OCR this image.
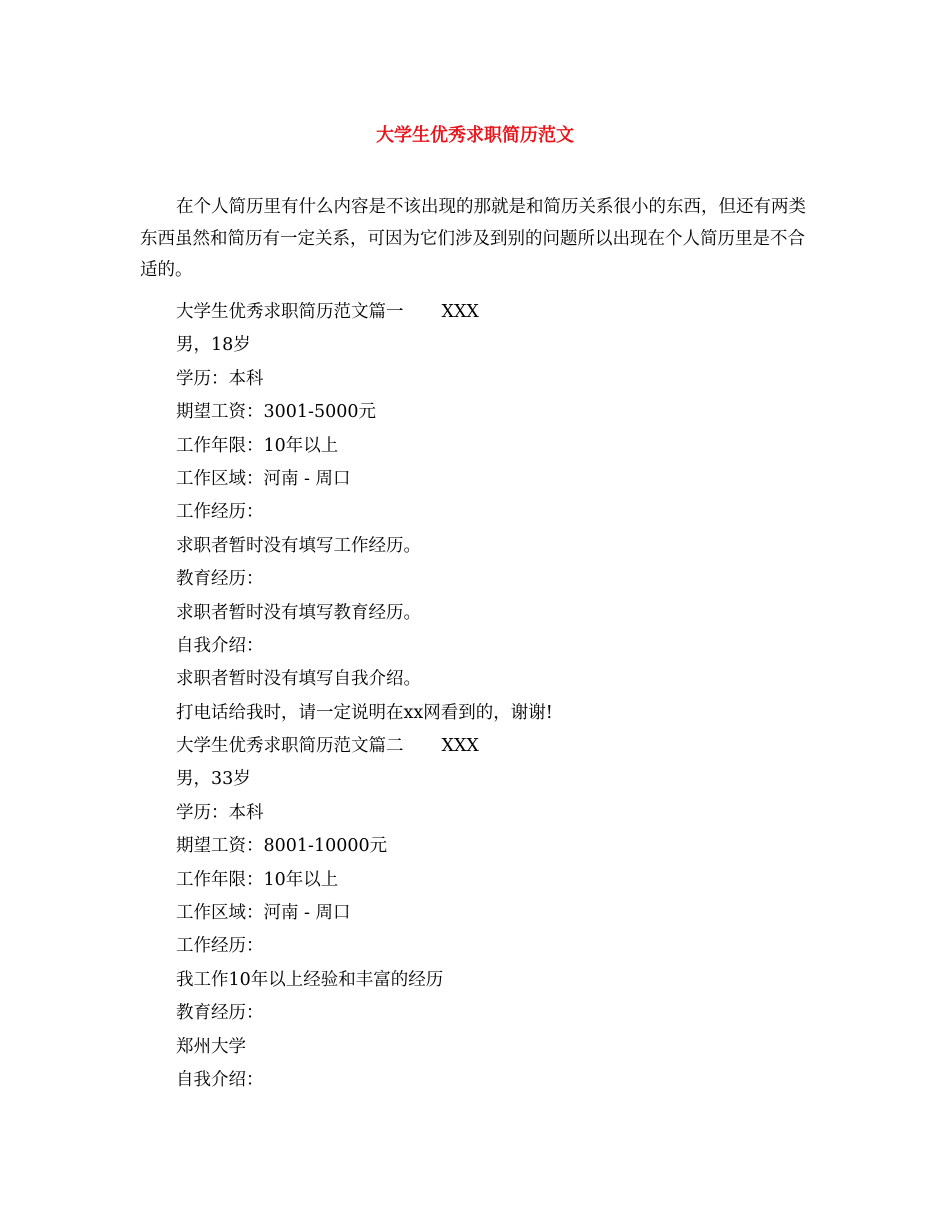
大学生优秀求职简历范文

在个人简历里有什么内容是不该出现的那就是和简历关系很小的东西，但还有两类东西虽然和简历有一定关系，可因为它们涉及到别的问题所以出现在个人简历里是不合适的。

大学生优秀求职简历范文篇一 XXX
男，18岁
学历：本科
期望工资：3001-5000元
工作年限：10年以上
工作区域：河南 - 周口
工作经历：
求职者暂时没有填写工作经历。
教育经历：
求职者暂时没有填写教育经历。
自我介绍：
求职者暂时没有填写自我介绍。
打电话给我时，请一定说明在xx网看到的，谢谢!
大学生优秀求职简历范文篇二 XXX
男，33岁
学历：本科
期望工资：8001-10000元
工作年限：10年以上
工作区域：河南 - 周口
工作经历：
我工作10年以上经验和丰富的经历
教育经历：
郑州大学
自我介绍：
